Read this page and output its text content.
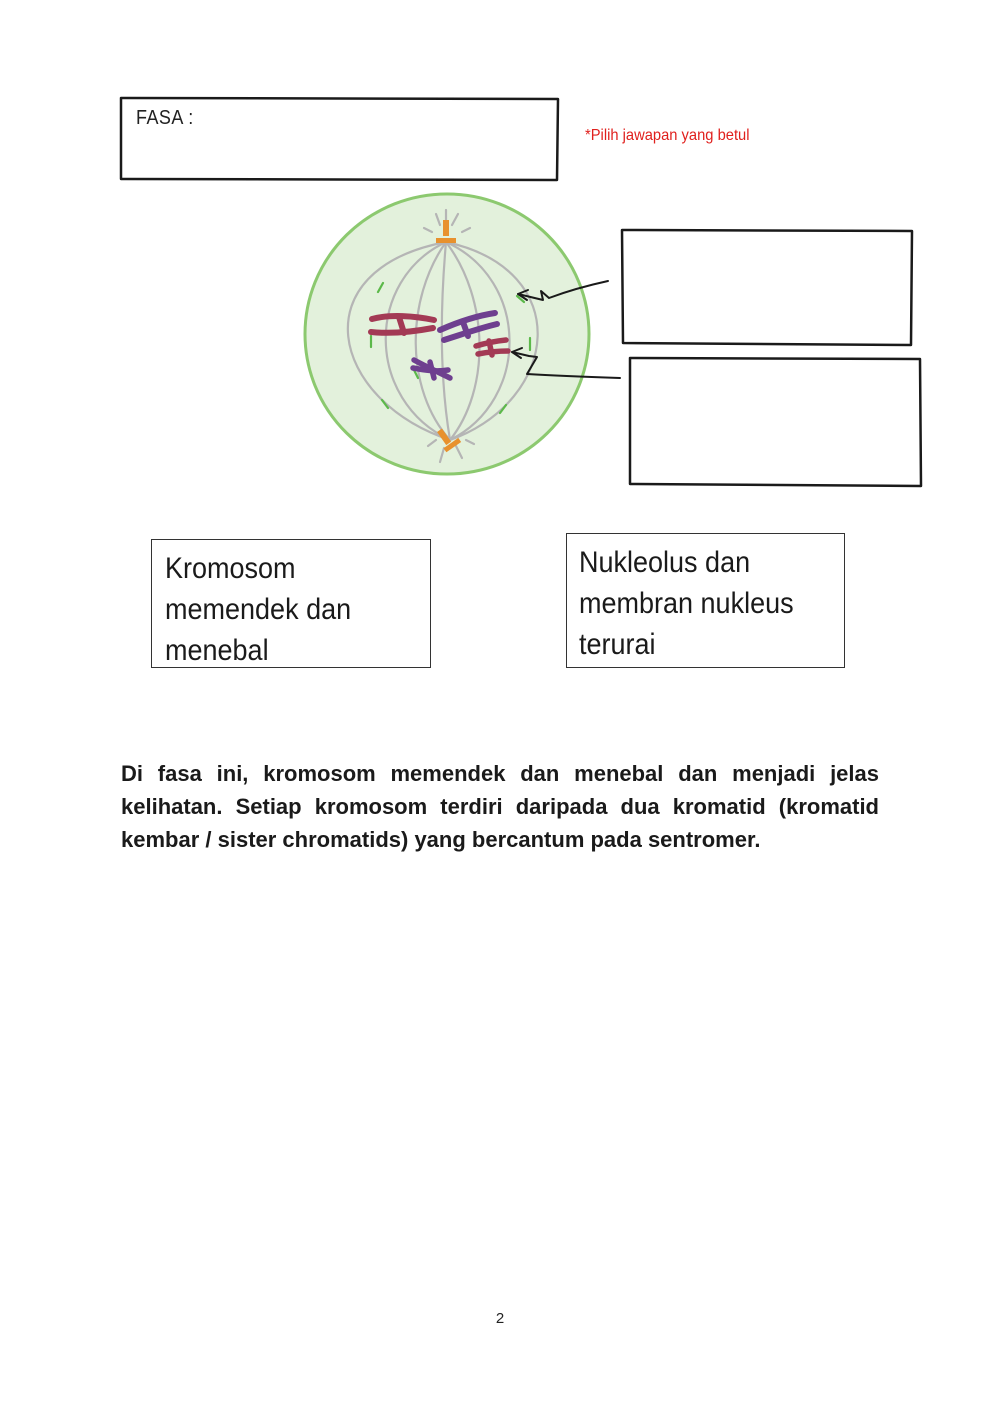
FASA :
*Pilih jawapan yang betul
Kromosom memendek dan menebal
Nukleolus dan membran nukleus terurai

Di fasa ini, kromosom memendek dan menebal dan menjadi jelas kelihatan. Setiap kromosom terdiri daripada dua kromatid (kromatid kembar / sister chromatids) yang bercantum pada sentromer.

2
